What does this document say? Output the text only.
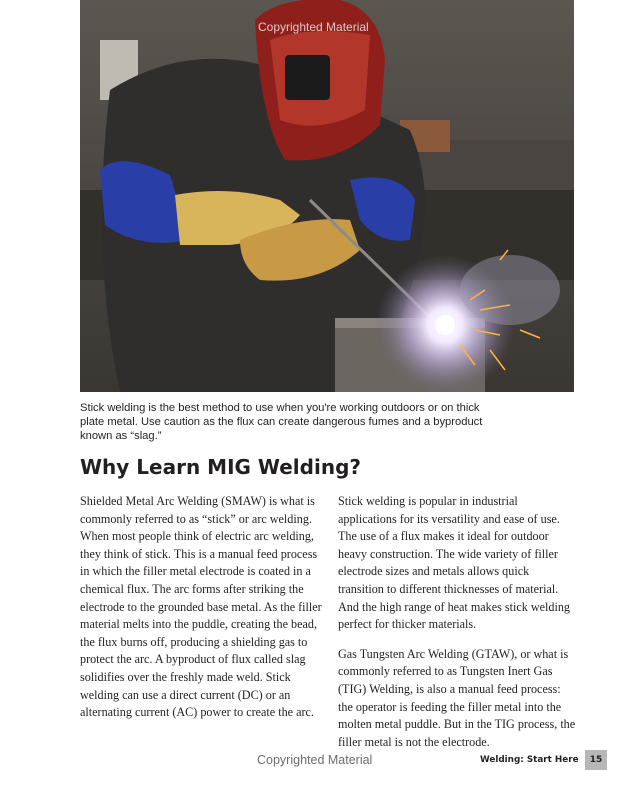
Copyrighted Material
Stick welding is the best method to use when you're working outdoors or on thick plate metal. Use caution as the flux can create dangerous fumes and a byproduct known as “slag.”
Why Learn MIG Welding?

Shielded Metal Arc Welding (SMAW) is what is commonly referred to as “stick” or arc welding. When most people think of electric arc welding, they think of stick. This is a manual feed process in which the filler metal electrode is coated in a chemical flux. The arc forms after striking the electrode to the grounded base metal. As the filler material melts into the puddle, creating the bead, the flux burns off, producing a shielding gas to protect the arc. A byproduct of flux called slag solidifies over the freshly made weld. Stick welding can use a direct current (DC) or an alternating current (AC) power to create the arc.

Stick welding is popular in industrial applications for its versatility and ease of use. The use of a flux makes it ideal for outdoor heavy construction. The wide variety of filler electrode sizes and metals allows quick transition to different thicknesses of material. And the high range of heat makes stick welding perfect for thicker materials.

Gas Tungsten Arc Welding (GTAW), or what is commonly referred to as Tungsten Inert Gas (TIG) Welding, is also a manual feed process: the operator is feeding the filler metal into the molten metal puddle. But in the TIG process, the filler metal is not the electrode.

Copyrighted Material	Welding: Start Here	15
